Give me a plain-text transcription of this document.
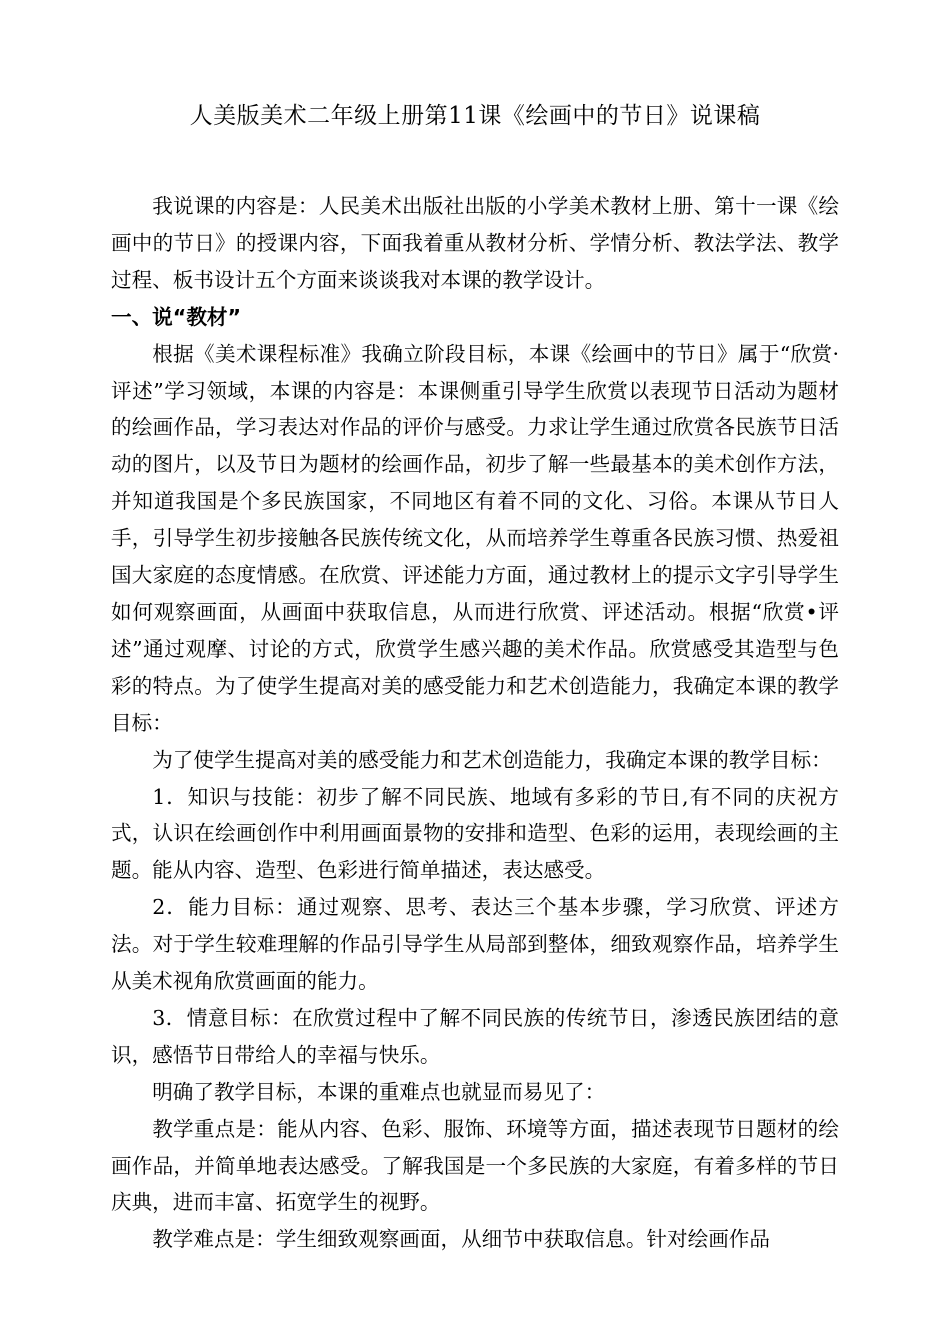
人美版美术二年级上册第11课《绘画中的节日》说课稿

我说课的内容是：人民美术出版社出版的小学美术教材上册、第十一课《绘画中的节日》的授课内容，下面我着重从教材分析、学情分析、教法学法、教学过程、板书设计五个方面来谈谈我对本课的教学设计。

一、说“教材”

根据《美术课程标准》我确立阶段目标，本课《绘画中的节日》属于“欣赏·评述”学习领域，本课的内容是：本课侧重引导学生欣赏以表现节日活动为题材的绘画作品，学习表达对作品的评价与感受。力求让学生通过欣赏各民族节日活动的图片，以及节日为题材的绘画作品，初步了解一些最基本的美术创作方法，并知道我国是个多民族国家，不同地区有着不同的文化、习俗。本课从节日人手，引导学生初步接触各民族传统文化，从而培养学生尊重各民族习惯、热爱祖国大家庭的态度情感。在欣赏、评述能力方面，通过教材上的提示文字引导学生如何观察画面，从画面中获取信息，从而进行欣赏、评述活动。根据“欣赏•评述”通过观摩、讨论的方式，欣赏学生感兴趣的美术作品。欣赏感受其造型与色彩的特点。为了使学生提高对美的感受能力和艺术创造能力，我确定本课的教学目标：

为了使学生提高对美的感受能力和艺术创造能力，我确定本课的教学目标：

1．知识与技能：初步了解不同民族、地域有多彩的节日,有不同的庆祝方式，认识在绘画创作中利用画面景物的安排和造型、色彩的运用，表现绘画的主题。能从内容、造型、色彩进行简单描述，表达感受。

2．能力目标：通过观察、思考、表达三个基本步骤，学习欣赏、评述方法。对于学生较难理解的作品引导学生从局部到整体，细致观察作品，培养学生从美术视角欣赏画面的能力。

3．情意目标：在欣赏过程中了解不同民族的传统节日，渗透民族团结的意识，感悟节日带给人的幸福与快乐。

明确了教学目标，本课的重难点也就显而易见了：

教学重点是：能从内容、色彩、服饰、环境等方面，描述表现节日题材的绘画作品，并简单地表达感受。了解我国是一个多民族的大家庭，有着多样的节日庆典，进而丰富、拓宽学生的视野。

教学难点是：学生细致观察画面，从细节中获取信息。针对绘画作品
